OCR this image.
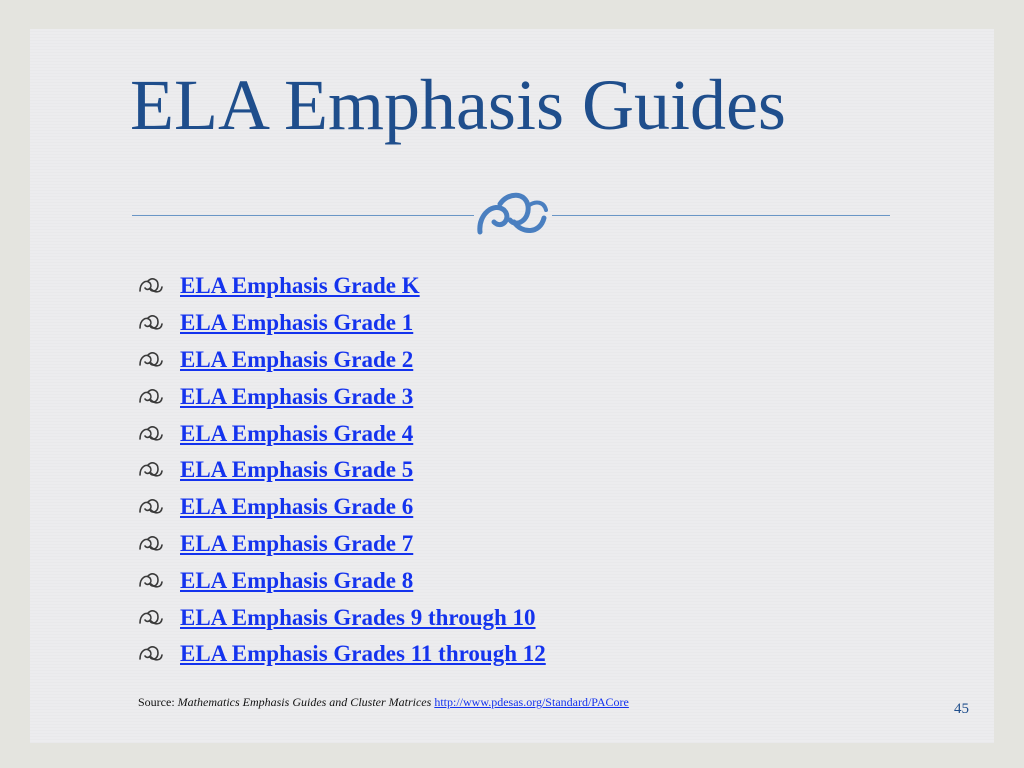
ELA Emphasis Guides
ELA Emphasis Grade K
ELA Emphasis Grade 1
ELA Emphasis Grade 2
ELA Emphasis Grade 3
ELA Emphasis Grade 4
ELA Emphasis Grade 5
ELA Emphasis Grade 6
ELA Emphasis Grade 7
ELA Emphasis Grade 8
ELA Emphasis Grades 9 through 10
ELA Emphasis Grades 11 through 12
Source: Mathematics Emphasis Guides and Cluster Matrices http://www.pdesas.org/Standard/PACore	45
